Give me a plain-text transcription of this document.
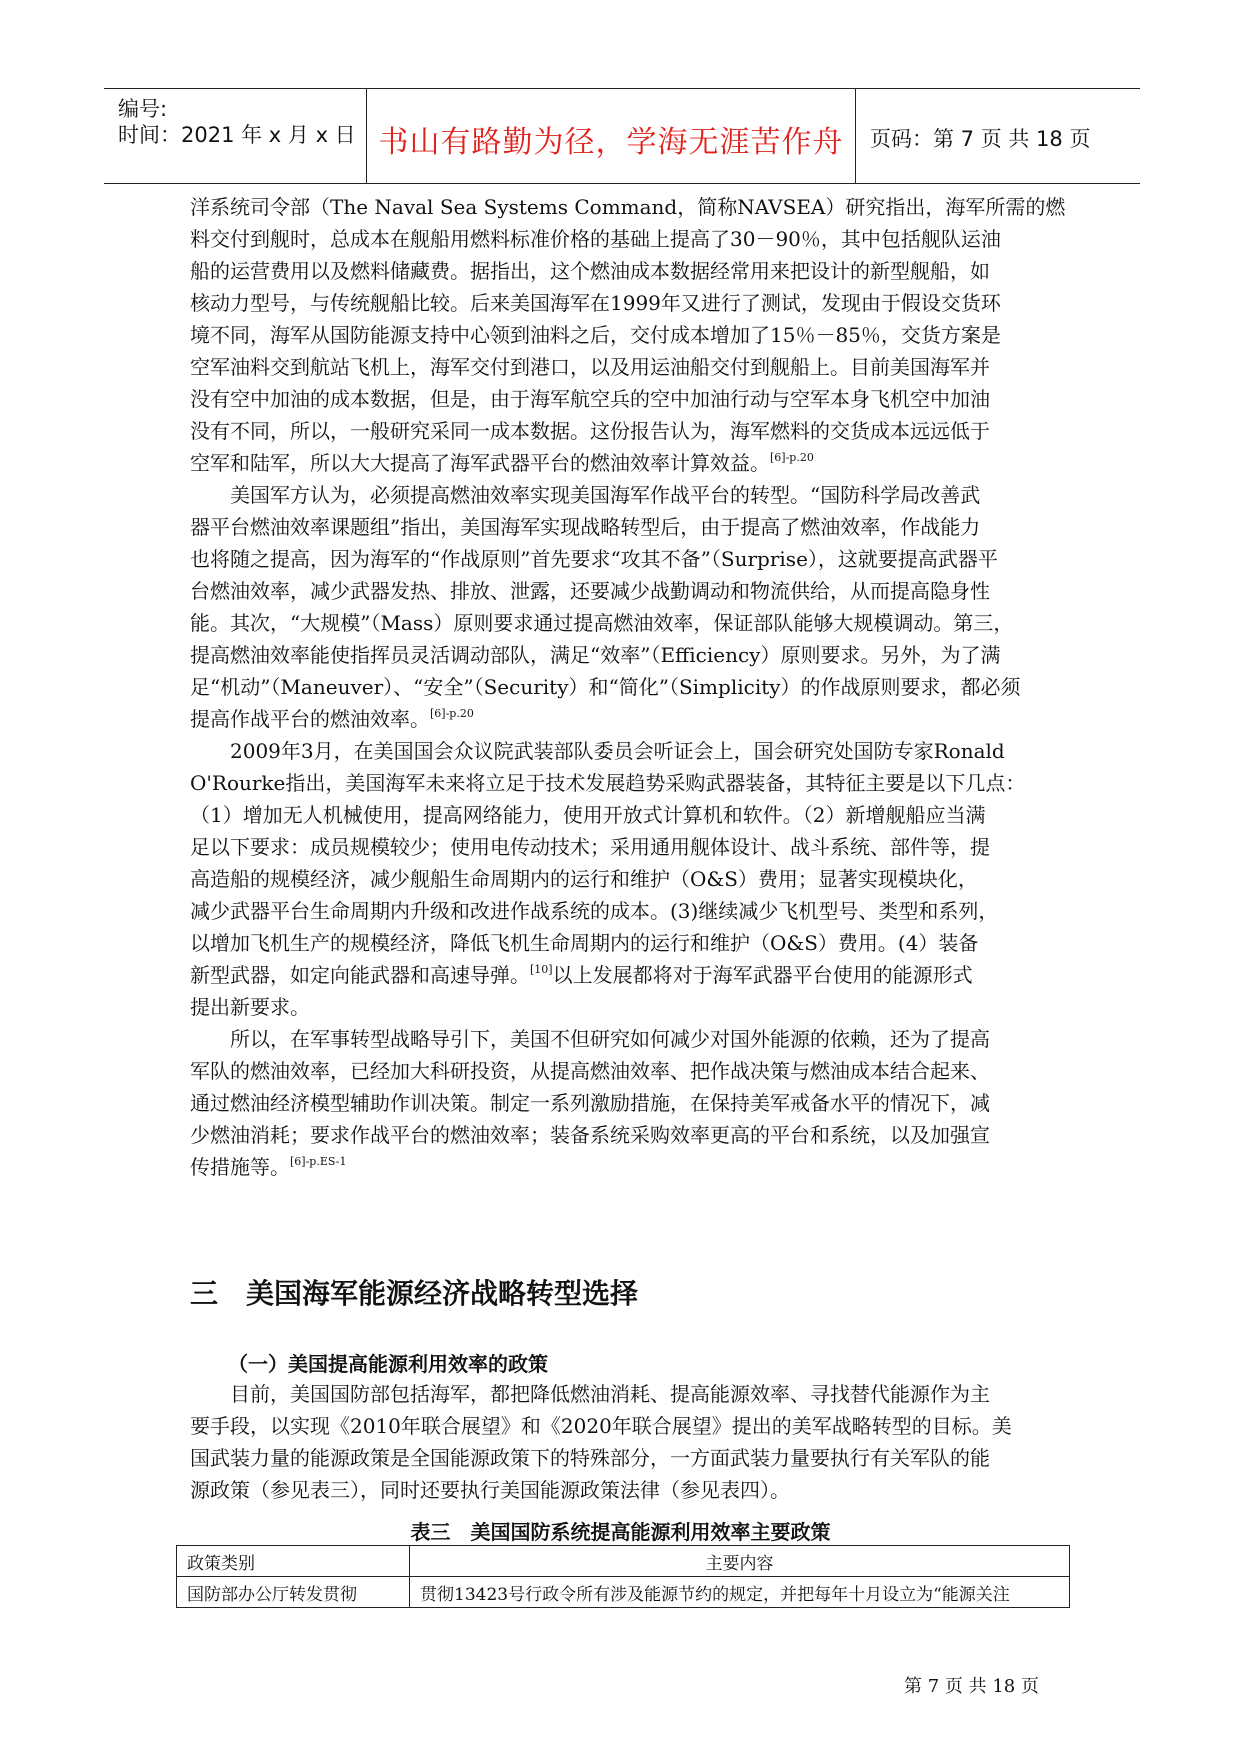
编号:
时间：2021 年 x 月 x 日 书山有路勤为径，学海无涯苦作舟	页码：第 7 页 共 18 页
洋系统司令部（The Naval Sea Systems Command，简称NAVSEA）研究指出，海军所需的燃
料交付到舰时，总成本在舰船用燃料标准价格的基础上提高了30－90％，其中包括舰队运油
船的运营费用以及燃料储藏费。据指出，这个燃油成本数据经常用来把设计的新型舰船，如
核动力型号，与传统舰船比较。后来美国海军在1999年又进行了测试，发现由于假设交货环
境不同，海军从国防能源支持中心领到油料之后，交付成本增加了15％－85％，交货方案是
空军油料交到航站飞机上，海军交付到港口，以及用运油船交付到舰船上。目前美国海军并
没有空中加油的成本数据，但是，由于海军航空兵的空中加油行动与空军本身飞机空中加油
没有不同，所以，一般研究采同一成本数据。这份报告认为，海军燃料的交货成本远远低于
空军和陆军，所以大大提高了海军武器平台的燃油效率计算效益。$^{[6]-p.20}$
　　美国军方认为，必须提高燃油效率实现美国海军作战平台的转型。“国防科学局改善武
器平台燃油效率课题组”指出，美国海军实现战略转型后，由于提高了燃油效率，作战能力
也将随之提高，因为海军的“作战原则”首先要求“攻其不备”（Surprise），这就要提高武器平
台燃油效率，减少武器发热、排放、泄露，还要减少战勤调动和物流供给，从而提高隐身性
能。其次，“大规模”（Mass）原则要求通过提高燃油效率，保证部队能够大规模调动。第三，
提高燃油效率能使指挥员灵活调动部队，满足“效率”（Efficiency）原则要求。另外，为了满
足“机动”（Maneuver）、“安全”（Security）和“简化”（Simplicity）的作战原则要求，都必须
提高作战平台的燃油效率。$^{[6]-p.20}$
　　2009年3月，在美国国会众议院武装部队委员会听证会上，国会研究处国防专家Ronald
O'Rourke指出，美国海军未来将立足于技术发展趋势采购武器装备，其特征主要是以下几点：
（1）增加无人机械使用，提高网络能力，使用开放式计算机和软件。（2）新增舰船应当满
足以下要求：成员规模较少；使用电传动技术；采用通用舰体设计、战斗系统、部件等，提
高造船的规模经济，减少舰船生命周期内的运行和维护（O&S）费用；显著实现模块化，
减少武器平台生命周期内升级和改进作战系统的成本。(3)继续减少飞机型号、类型和系列，
以增加飞机生产的规模经济，降低飞机生命周期内的运行和维护（O&S）费用。(4）装备
新型武器，如定向能武器和高速导弹。[10]以上发展都将对于海军武器平台使用的能源形式
提出新要求。
　　所以，在军事转型战略导引下，美国不但研究如何减少对国外能源的依赖，还为了提高
军队的燃油效率，已经加大科研投资，从提高燃油效率、把作战决策与燃油成本结合起来、
通过燃油经济模型辅助作训决策。制定一系列激励措施，在保持美军戒备水平的情况下，减
少燃油消耗；要求作战平台的燃油效率；装备系统采购效率更高的平台和系统，以及加强宣
传措施等。$^{[6]-p.ES-1}$
三　美国海军能源经济战略转型选择
（一）美国提高能源利用效率的政策
　　目前，美国国防部包括海军，都把降低燃油消耗、提高能源效率、寻找替代能源作为主
要手段，以实现《2010年联合展望》和《2020年联合展望》提出的美军战略转型的目标。美
国武装力量的能源政策是全国能源政策下的特殊部分，一方面武装力量要执行有关军队的能
源政策（参见表三），同时还要执行美国能源政策法律（参见表四）。
表三　美国国防系统提高能源利用效率主要政策
政策类别	主要内容
国防部办公厅转发贯彻	贯彻13423号行政令所有涉及能源节约的规定，并把每年十月设立为“能源关注
第 7 页 共 18 页
